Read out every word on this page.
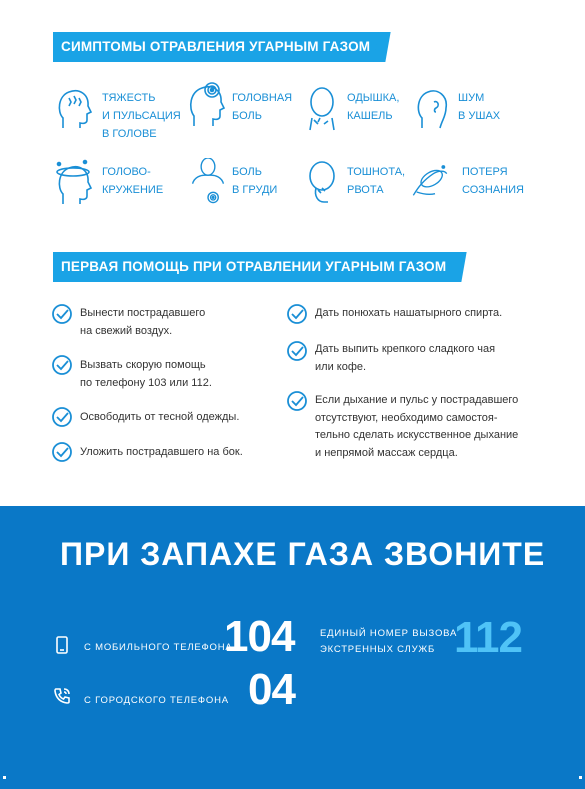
СИМПТОМЫ ОТРАВЛЕНИЯ УГАРНЫМ ГАЗОМ
ТЯЖЕСТЬ
И ПУЛЬСАЦИЯ
В ГОЛОВЕ
ГОЛОВНАЯ
БОЛЬ
ОДЫШКА,
КАШЕЛЬ
ШУМ
В УШАХ
ГОЛОВО-
КРУЖЕНИЕ
БОЛЬ
В ГРУДИ
ТОШНОТА,
РВОТА
ПОТЕРЯ
СОЗНАНИЯ
ПЕРВАЯ ПОМОЩЬ ПРИ ОТРАВЛЕНИИ УГАРНЫМ ГАЗОМ
Вынести пострадавшего
на свежий воздух.
Вызвать скорую помощь
по телефону 103 или 112.
Освободить от тесной одежды.
Уложить пострадавшего на бок.
Дать понюхать нашатырного спирта.
Дать выпить крепкого сладкого чая
или кофе.
Если дыхание и пульс у пострадавшего
отсутствуют, необходимо самостоя-
тельно сделать искусственное дыхание
и непрямой массаж сердца.
ПРИ ЗАПАХЕ ГАЗА ЗВОНИТЕ
С МОБИЛЬНОГО ТЕЛЕФОНА
104
С ГОРОДСКОГО ТЕЛЕФОНА 04
ЕДИНЫЙ НОМЕР ВЫЗОВА
ЭКСТРЕННЫХ СЛУЖБ 112
